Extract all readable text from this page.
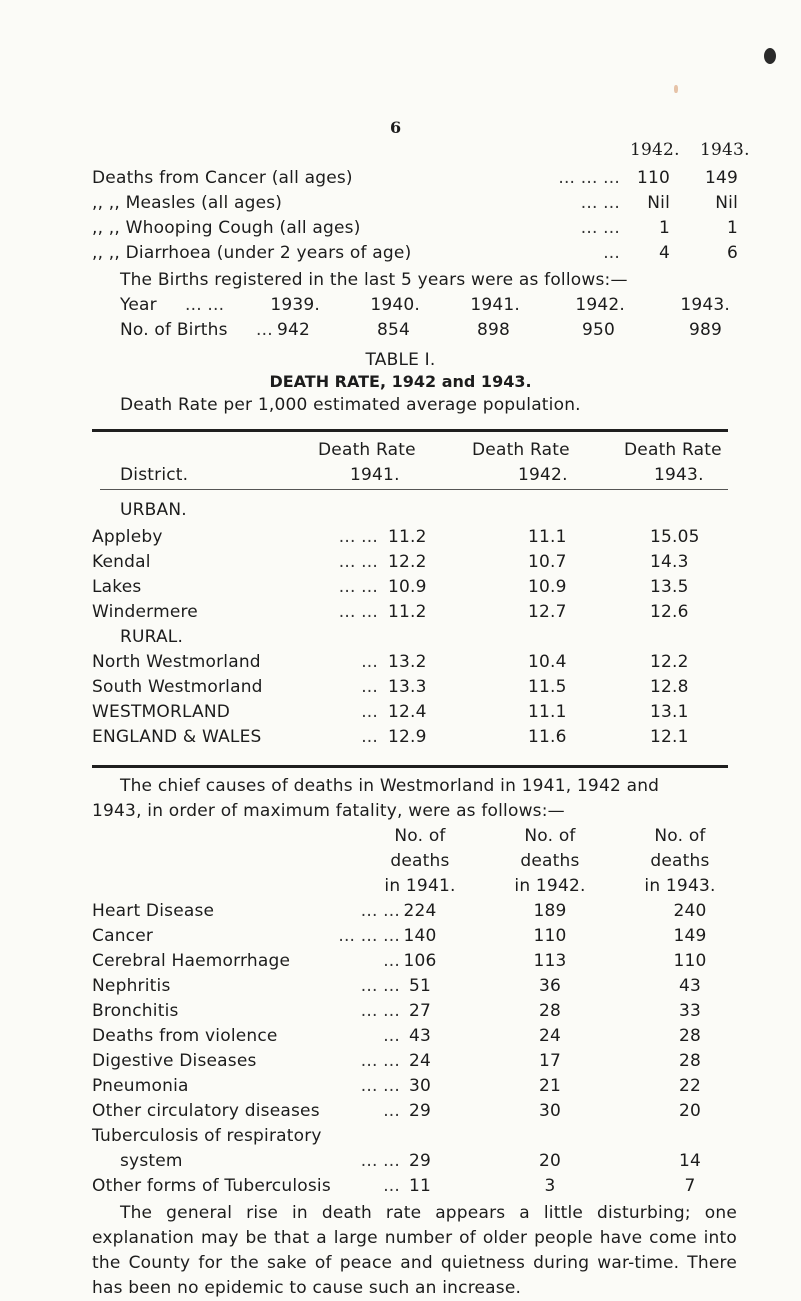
6
1942. 1943.
Deaths from Cancer (all ages)	... ... ... 110	149
,, ,, Measles (all ages)	... ...	Nil	Nil
,, ,, Whooping Cough (all ages)	... ...	1	1
,, ,, Diarrhoea (under 2 years of age)	...	4	6
The Births registered in the last 5 years were as follows:—
Year ... ...	1939.	1940.	1941.	1942.	1943.
No. of Births ... 942	854	898	950	989
TABLE I.
DEATH RATE, 1942 and 1943.
Death Rate per 1,000 estimated average population.
Death Rate	Death Rate	Death Rate
District.	1941.	1942.	1943.
URBAN.
Appleby	... ... 11.2	11.1	15.05
Kendal	... ... 12.2	10.7	14.3
Lakes	... ... 10.9	10.9	13.5
Windermere	... ... 11.2	12.7	12.6
RURAL.
North Westmorland	... 13.2	10.4	12.2
South Westmorland	... 13.3	11.5	12.8
WESTMORLAND	... 12.4	11.1	13.1
ENGLAND & WALES	... 12.9	11.6	12.1
The chief causes of deaths in Westmorland in 1941, 1942 and
1943, in order of maximum fatality, were as follows:—
No. of	No. of	No. of
deaths	deaths	deaths
in 1941.	in 1942.	in 1943.
Heart Disease	... ... 224	189	240
Cancer	... ... ... 140	110	149
Cerebral Haemorrhage	... 106	113	110
Nephritis	... ... 51	36	43
Bronchitis	... ... 27	28	33
Deaths from violence	... 43	24	28
Digestive Diseases	... ... 24	17	28
Pneumonia	... ... 30	21	22
Other circulatory diseases	... 29	30	20
Tuberculosis of respiratory
system	... ... 29	20	14
Other forms of Tuberculosis	... 11	3	7
The general rise in death rate appears a little disturbing; one explanation may be that a large number of older people have come into the County for the sake of peace and quietness during war-time. There has been no epidemic to cause such an increase.
